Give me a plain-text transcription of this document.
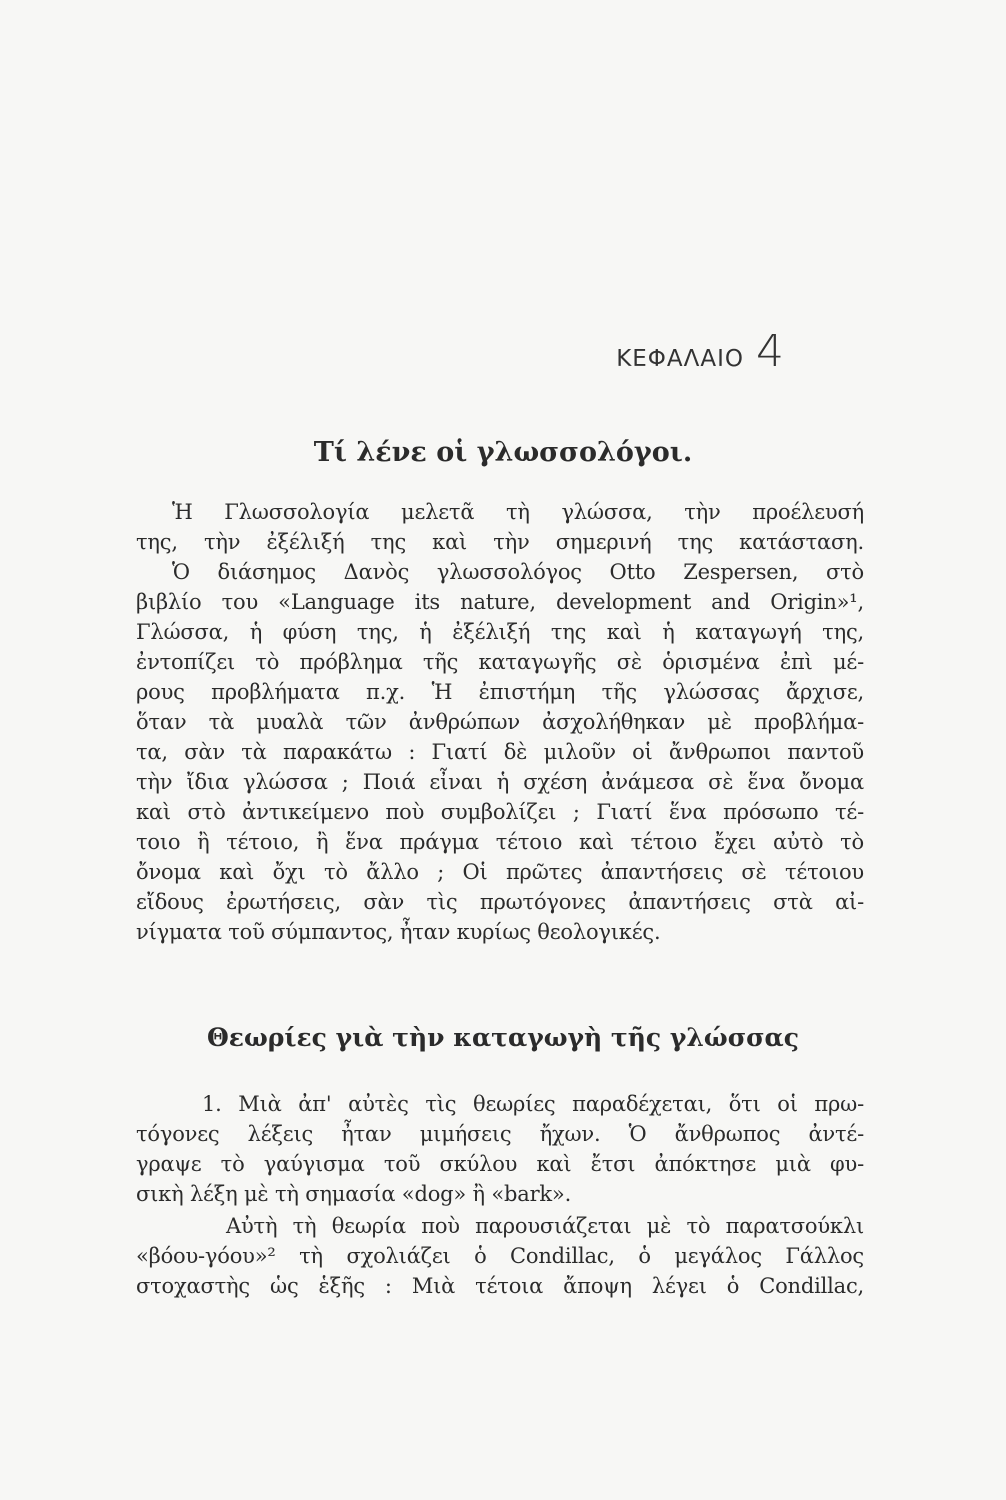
ΚΕΦΑΛΑΙΟ 4
Τί λένε οἱ γλωσσολόγοι.
Ἡ Γλωσσολογία μελετᾶ τὴ γλώσσα, τὴν προέλευσή
της, τὴν ἐξέλιξή της καὶ τὴν σημερινή της κατάσταση.
Ὁ διάσημος Δανὸς γλωσσολόγος Otto Zespersen, στὸ
βιβλίο του «Language its nature, development and Origin»¹,
Γλώσσα, ἡ φύση της, ἡ ἐξέλιξή της καὶ ἡ καταγωγή της,
ἐντοπίζει τὸ πρόβλημα τῆς καταγωγῆς σὲ ὁρισμένα ἐπὶ μέ-
ρους προβλήματα π.χ. Ἡ ἐπιστήμη τῆς γλώσσας ἄρχισε,
ὅταν τὰ μυαλὰ τῶν ἀνθρώπων ἀσχολήθηκαν μὲ προβλήμα-
τα, σὰν τὰ παρακάτω : Γιατί δὲ μιλοῦν οἱ ἄνθρωποι παντοῦ
τὴν ἴδια γλώσσα ; Ποιά εἶναι ἡ σχέση ἀνάμεσα σὲ ἕνα ὄνομα
καὶ στὸ ἀντικείμενο ποὺ συμβολίζει ; Γιατί ἕνα πρόσωπο τέ-
τοιο ἢ τέτοιο, ἢ ἕνα πράγμα τέτοιο καὶ τέτοιο ἔχει αὐτὸ τὸ
ὄνομα καὶ ὄχι τὸ ἄλλο ; Οἱ πρῶτες ἀπαντήσεις σὲ τέτοιου
εἴδους ἐρωτήσεις, σὰν τὶς πρωτόγονες ἀπαντήσεις στὰ αἰ-
νίγματα τοῦ σύμπαντος, ἦταν κυρίως θεολογικές.
Θεωρίες γιὰ τὴν καταγωγὴ τῆς γλώσσας
1. Μιὰ ἀπ' αὐτὲς τὶς θεωρίες παραδέχεται, ὅτι οἱ πρω-
τόγονες λέξεις ἦταν μιμήσεις ἤχων. Ὁ ἄνθρωπος ἀντέ-
γραψε τὸ γαύγισμα τοῦ σκύλου καὶ ἔτσι ἀπόκτησε μιὰ φυ-
σικὴ λέξη μὲ τὴ σημασία «dog» ἢ «bark».
Αὐτὴ τὴ θεωρία ποὺ παρουσιάζεται μὲ τὸ παρατσούκλι
«βόου-γόου»² τὴ σχολιάζει ὁ Condillac, ὁ μεγάλος Γάλλος
στοχαστὴς ὡς ἑξῆς : Μιὰ τέτοια ἄποψη λέγει ὁ Condillac,
